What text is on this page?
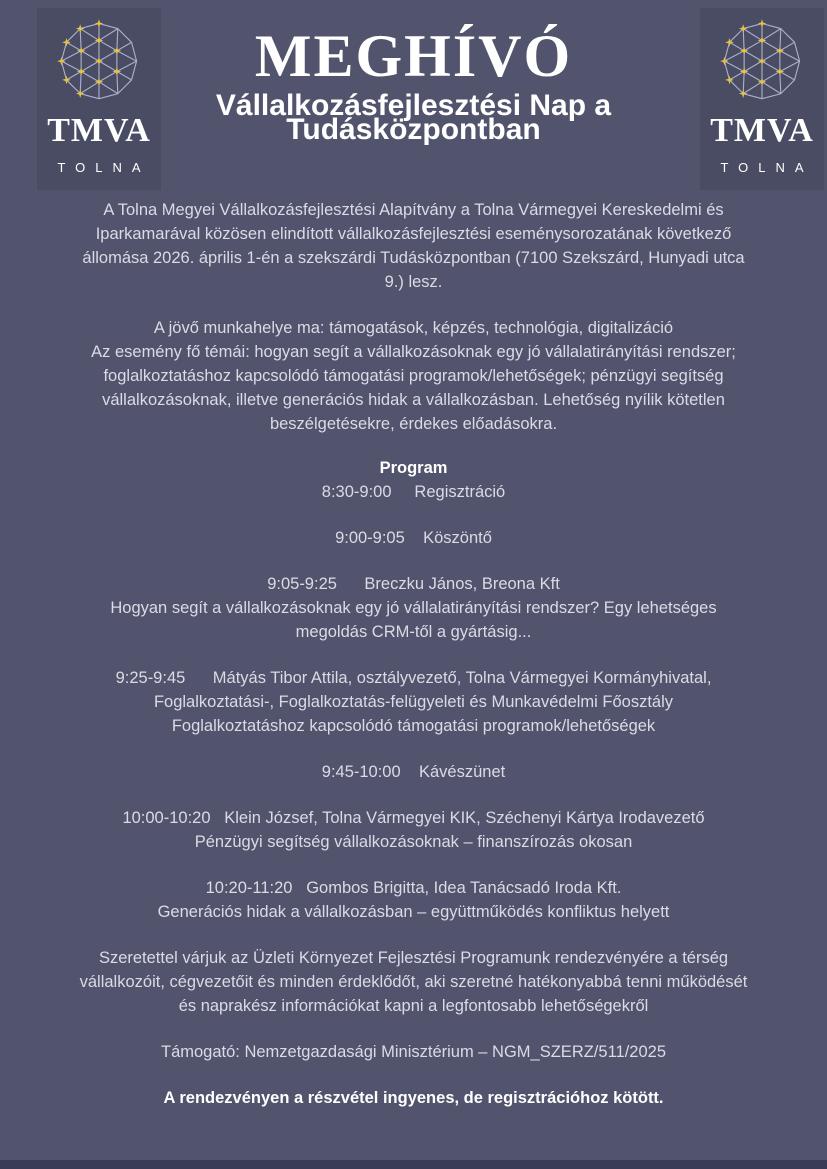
TMVA
TOLNA
TMVA
TOLNA
MEGHÍVÓ
Vállalkozásfejlesztési Nap a
Tudásközpontban
A Tolna Megyei Vállalkozásfejlesztési Alapítvány a Tolna Vármegyei Kereskedelmi és
Iparkamarával közösen elindított vállalkozásfejlesztési eseménysorozatának következő
állomása 2026. április 1-én a szekszárdi Tudásközpontban (7100 Szekszárd, Hunyadi utca
9.) lesz.
A jövő munkahelye ma: támogatások, képzés, technológia, digitalizáció
Az esemény fő témái: hogyan segít a vállalkozásoknak egy jó vállalatirányítási rendszer;
foglalkoztatáshoz kapcsolódó támogatási programok/lehetőségek; pénzügyi segítség
vállalkozásoknak, illetve generációs hidak a vállalkozásban. Lehetőség nyílik kötetlen
beszélgetésekre, érdekes előadásokra.
Program
8:30-9:00     Regisztráció
9:00-9:05    Köszöntő
9:05-9:25      Breczku János, Breona Kft
Hogyan segít a vállalkozásoknak egy jó vállalatirányítási rendszer? Egy lehetséges
megoldás CRM-től a gyártásig...
9:25-9:45      Mátyás Tibor Attila, osztályvezető, Tolna Vármegyei Kormányhivatal,
Foglalkoztatási-, Foglalkoztatás-felügyeleti és Munkavédelmi Főosztály
Foglalkoztatáshoz kapcsolódó támogatási programok/lehetőségek
9:45-10:00    Kávészünet
10:00-10:20   Klein József, Tolna Vármegyei KIK, Széchenyi Kártya Irodavezető
Pénzügyi segítség vállalkozásoknak – finanszírozás okosan
10:20-11:20   Gombos Brigitta, Idea Tanácsadó Iroda Kft.
Generációs hidak a vállalkozásban – együttműködés konfliktus helyett
Szeretettel várjuk az Üzleti Környezet Fejlesztési Programunk rendezvényére a térség
vállalkozóit, cégvezetőit és minden érdeklődőt, aki szeretné hatékonyabbá tenni működését
és naprakész információkat kapni a legfontosabb lehetőségekről
Támogató: Nemzetgazdasági Minisztérium – NGM_SZERZ/511/2025
A rendezvényen a részvétel ingyenes, de regisztrációhoz kötött.
